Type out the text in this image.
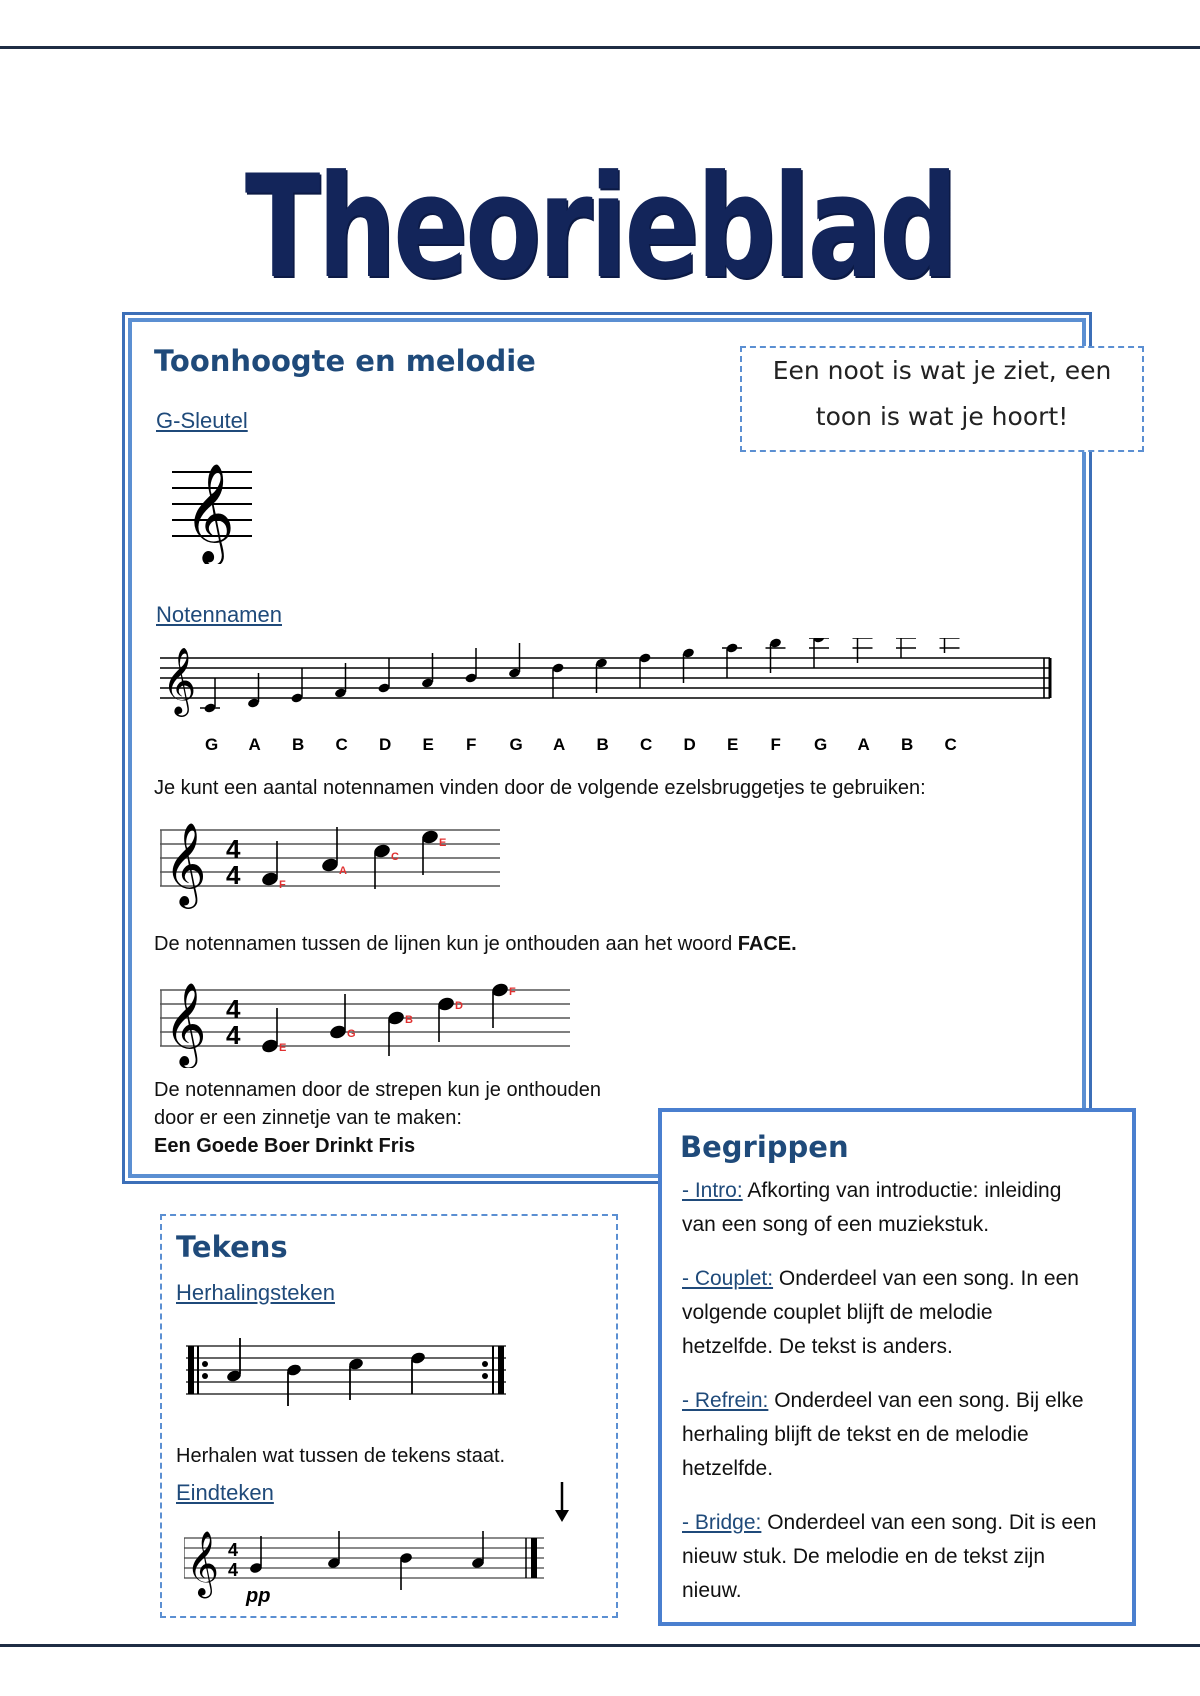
Theorieblad
Toonhoogte en melodie
G-Sleutel
𝄞
Notennamen
𝄞
G A B C D E F G A B C D E F G A B C
Je kunt een aantal notennamen vinden door de volgende ezelsbruggetjes te gebruiken:
𝄞 4
4	F
A
C
E
De notennamen tussen de lijnen kun je onthouden aan het woord FACE.
𝄞 4
4	E
G
B
D
F
De notennamen door de strepen kun je onthouden
door er een zinnetje van te maken:
Een Goede Boer Drinkt Fris
Een noot is wat je ziet, een
toon is wat je hoort!
Tekens
Herhalingsteken
Herhalen wat tussen de tekens staat.
Eindteken
𝄞 4
4
pp
Begrippen
- Intro: Afkorting van introductie: inleiding
van een song of een muziekstuk.
- Couplet: Onderdeel van een song. In een
volgende couplet blijft de melodie
hetzelfde. De tekst is anders.
- Refrein: Onderdeel van een song. Bij elke
herhaling blijft de tekst en de melodie
hetzelfde.
- Bridge: Onderdeel van een song. Dit is een
nieuw stuk. De melodie en de tekst zijn
nieuw.
